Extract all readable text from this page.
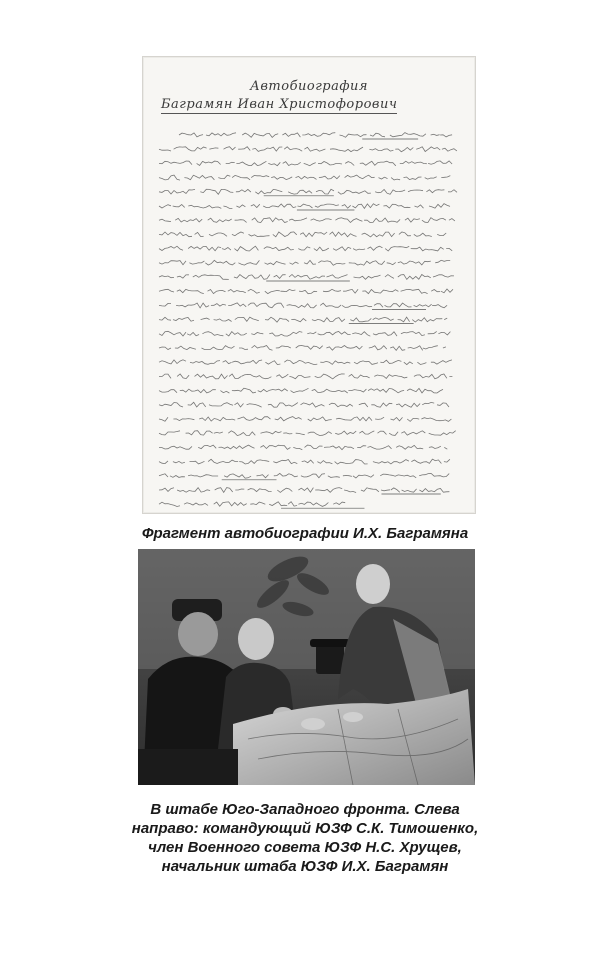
Автобиография
Баграмян Иван Христофорович
Фрагмент автобиографии И.Х. Баграмяна
В штабе Юго-Западного фронта. Слева
направо: командующий ЮЗФ С.К. Тимошенко,
член Военного совета ЮЗФ Н.С. Хрущев,
начальник штаба ЮЗФ И.Х. Баграмян
